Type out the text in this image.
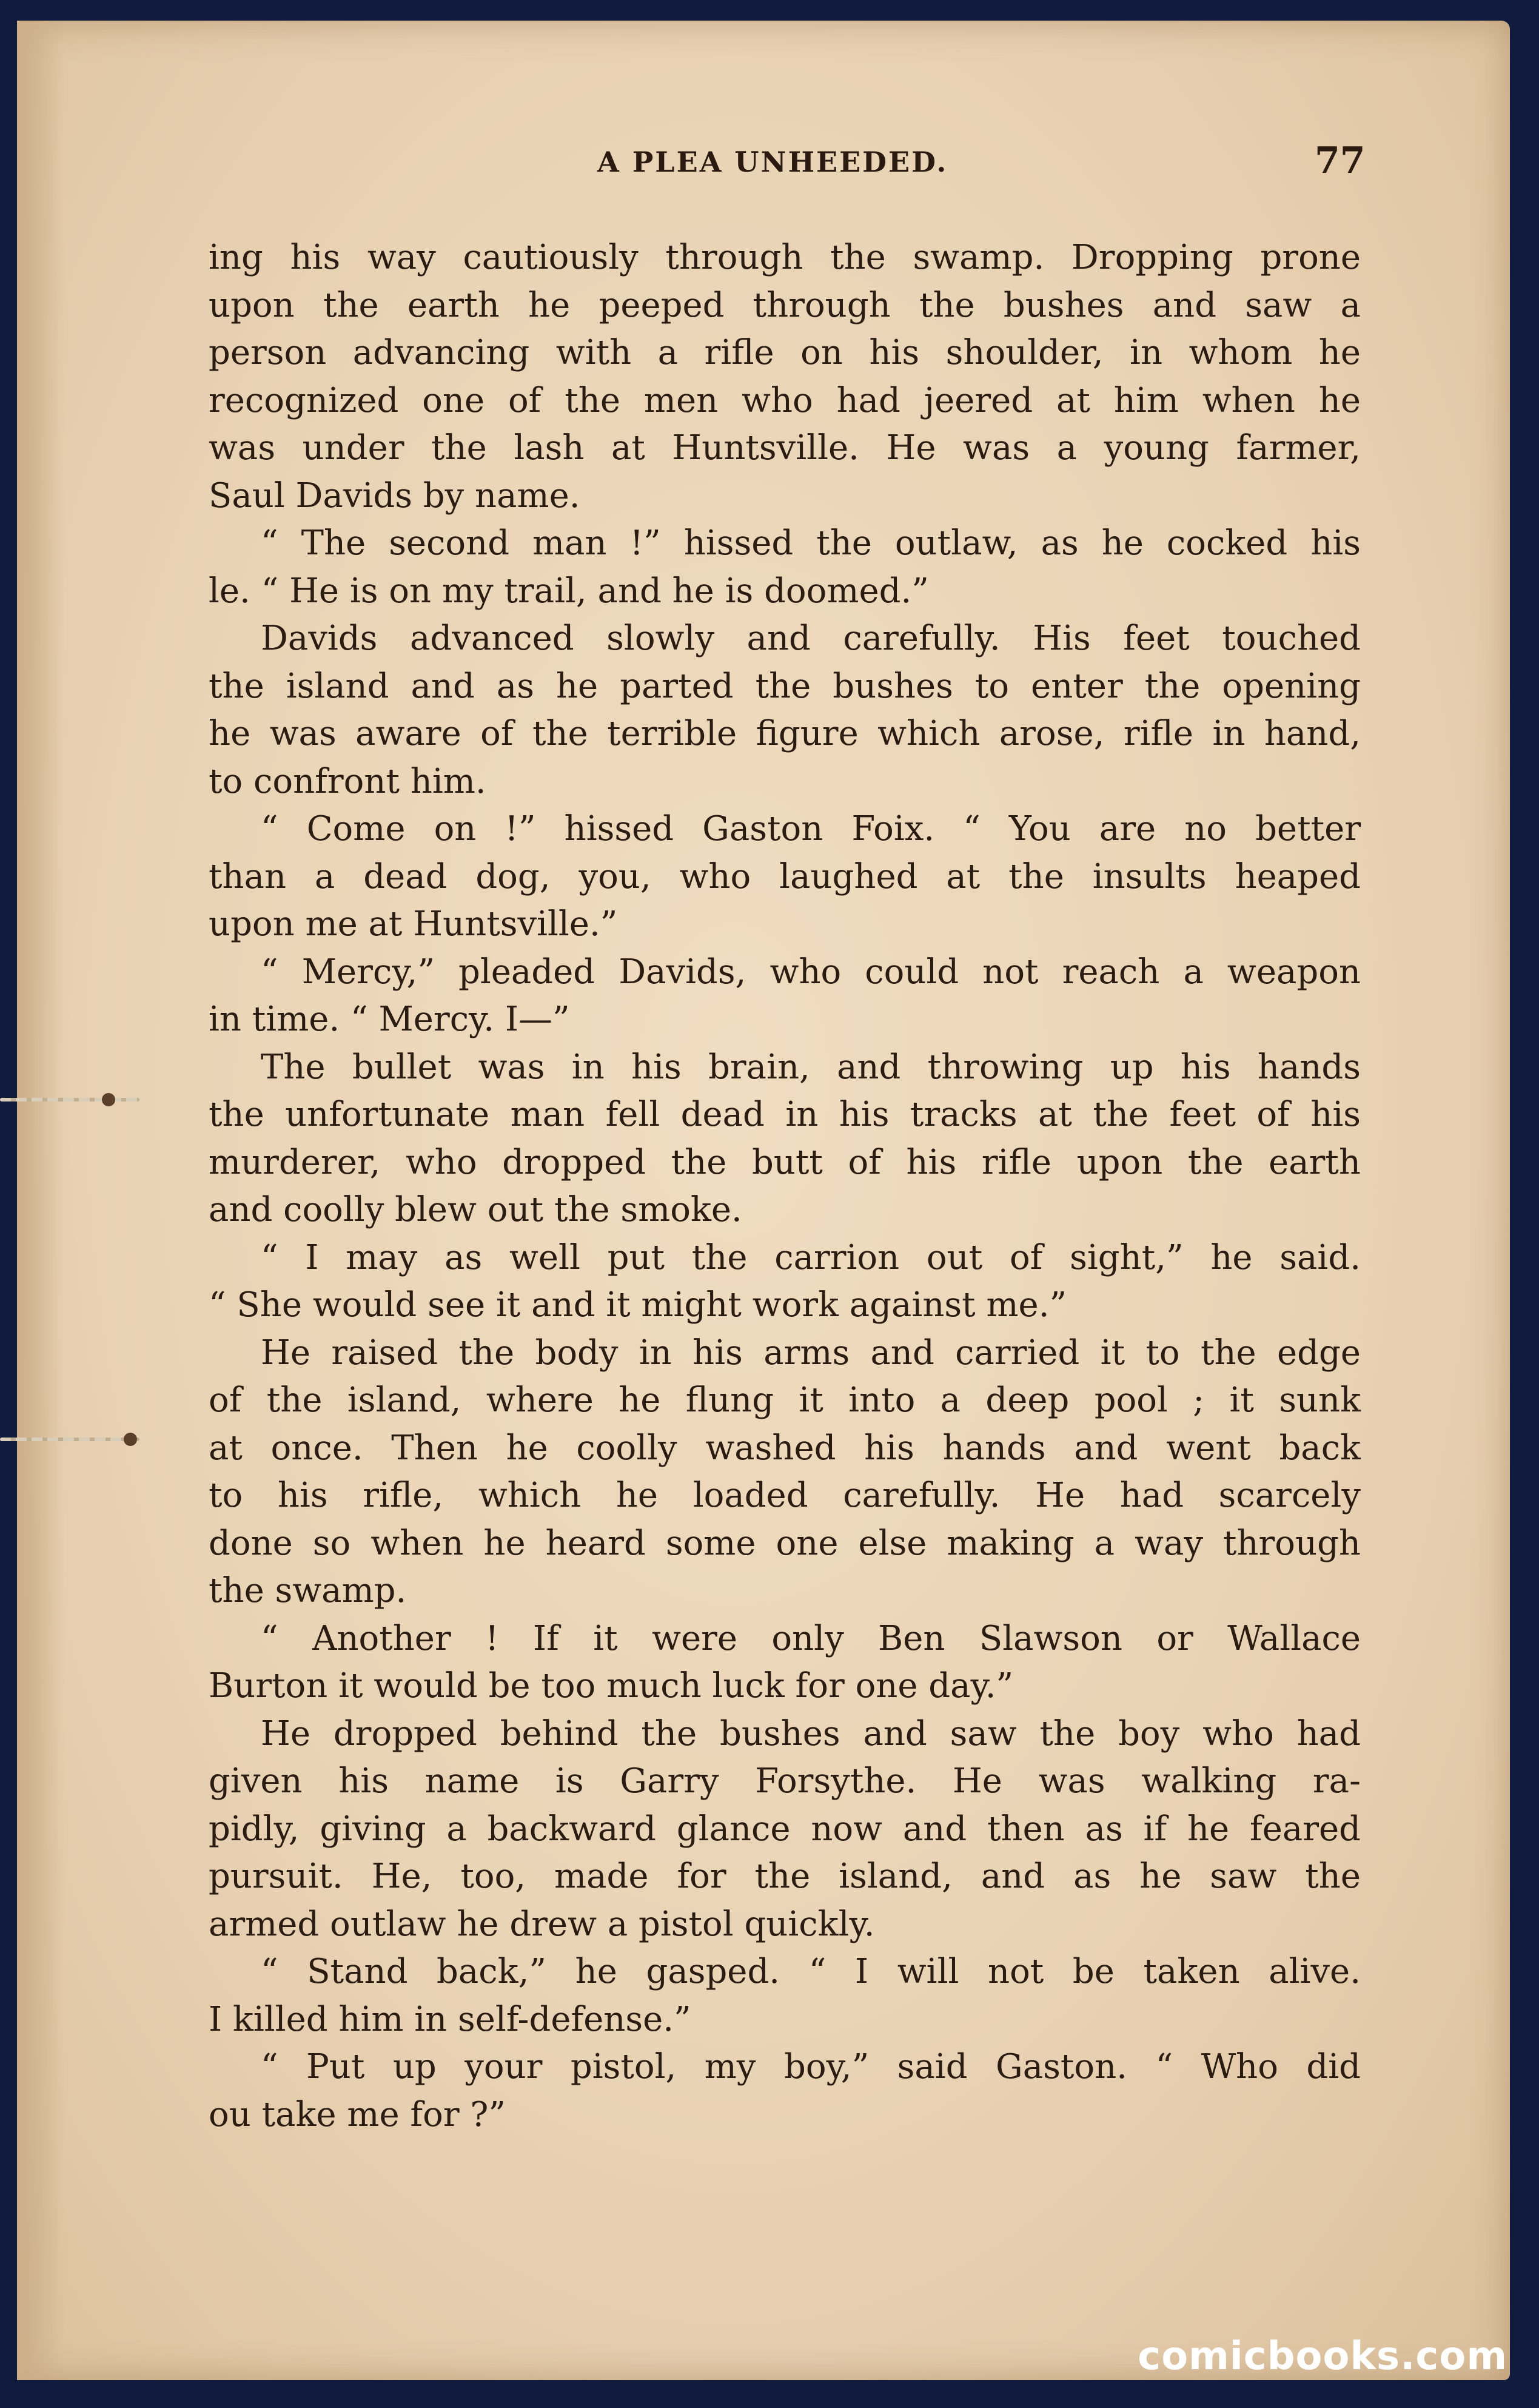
A PLEA UNHEEDED.	77

ing his way cautiously through the swamp. Dropping prone
upon the earth he peeped through the bushes and saw a
person advancing with a rifle on his shoulder, in whom he
recognized one of the men who had jeered at him when he
was under the lash at Huntsville. He was a young farmer,
Saul Davids by name.

“ The second man !” hissed the outlaw, as he cocked his
le. “ He is on my trail, and he is doomed.”

Davids advanced slowly and carefully. His feet touched
the island and as he parted the bushes to enter the opening
he was aware of the terrible figure which arose, rifle in hand,
to confront him.

“ Come on !” hissed Gaston Foix. “ You are no better
than a dead dog, you, who laughed at the insults heaped
upon me at Huntsville.”

“ Mercy,” pleaded Davids, who could not reach a weapon
in time. “ Mercy. I—”

The bullet was in his brain, and throwing up his hands
the unfortunate man fell dead in his tracks at the feet of his
murderer, who dropped the butt of his rifle upon the earth
and coolly blew out the smoke.

“ I may as well put the carrion out of sight,” he said.
“ She would see it and it might work against me.”

He raised the body in his arms and carried it to the edge
of the island, where he flung it into a deep pool ; it sunk
at once. Then he coolly washed his hands and went back
to his rifle, which he loaded carefully. He had scarcely
done so when he heard some one else making a way through
the swamp.

“ Another ! If it were only Ben Slawson or Wallace
Burton it would be too much luck for one day.”

He dropped behind the bushes and saw the boy who had
given his name is Garry Forsythe. He was walking ra-
pidly, giving a backward glance now and then as if he feared
pursuit. He, too, made for the island, and as he saw the
armed outlaw he drew a pistol quickly.

“ Stand back,” he gasped. “ I will not be taken alive.
I killed him in self-defense.”

“ Put up your pistol, my boy,” said Gaston. “ Who did
ou take me for ?”

comicbooks.com
